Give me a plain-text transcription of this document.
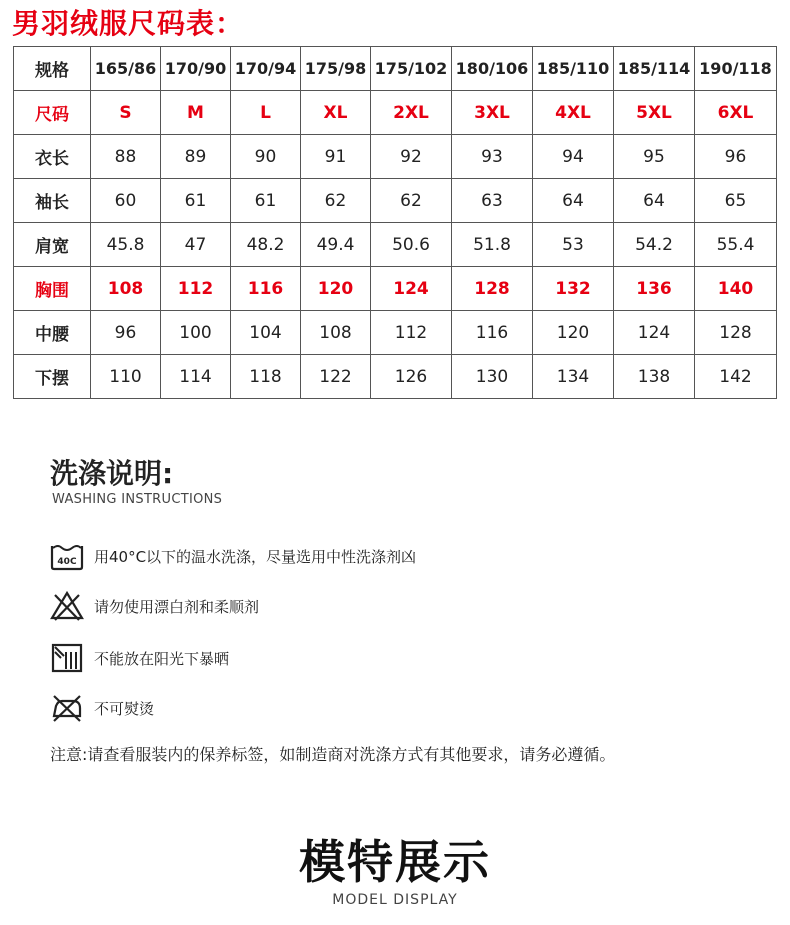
男羽绒服尺码表：
规格	165/86	170/90	170/94	175/98	175/102	180/106	185/110	185/114	190/118
尺码	S	M	L	XL	2XL	3XL	4XL	5XL	6XL
衣长	88	89	90	91	92	93	94	95	96
袖长	60	61	61	62	62	63	64	64	65
肩宽	45.8	47	48.2	49.4	50.6	51.8	53	54.2	55.4
胸围	108	112	116	120	124	128	132	136	140
中腰	96	100	104	108	112	116	120	124	128
下摆	110	114	118	122	126	130	134	138	142
洗涤说明:
WASHING INSTRUCTIONS
40C 用40°C以下的温水洗涤，尽量选用中性洗涤剂凶
请勿使用漂白剂和柔顺剂
不能放在阳光下暴晒
不可熨烫
注意:请查看服装内的保养标签，如制造商对洗涤方式有其他要求，请务必遵循。
模特展示
MODEL DISPLAY
